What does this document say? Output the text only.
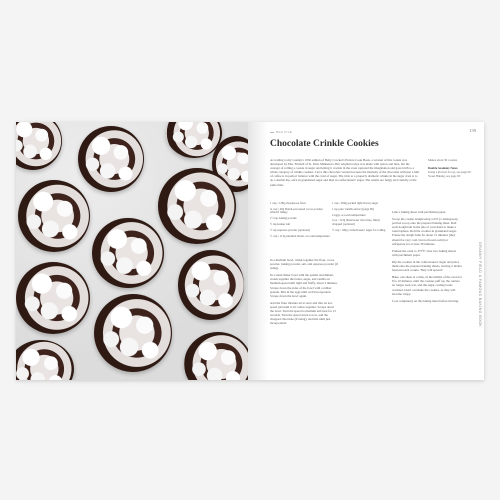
BAR FIVE	139
Chocolate Crinkle Cookies
According to my Granny's 1956 edition of Betty Crocker's Picture Cook Book, a version of this cookie was developed by Mrs. Frisbell of St. Paul, Minnesota. Her original recipe was made with spices and nuts, but the concept of rolling a cookie in sugar and letting it crackle in the oven captured the imagination and gave birth to a whole category of crinkle cookies. I love this chocolate version because the intensity of the chocolate with just a hint of coffee is in perfect balance with the crust of sugar. The trick to a properly dramatic crinkle in the sugar crust is to do a double dip, once in granulated sugar and then in confectioners' sugar. The results are fudgy and crunchy at the same time.
Makes about 36 cookies
Double Academy Notes
Using a Portion Scoop, see page 00 · Sweet Baking, see page 00
1 cup / 128g all-purpose flour
¼ cup / 40g Dutch-processed cocoa powder, sifted if lumpy
1½ tsp baking powder
½ tsp kosher salt
½ tsp espresso powder (optional)
½ cup / 113g unsalted butter, at room temperature

In a medium bowl, whisk together the flour, cocoa powder, baking powder, salt, and espresso powder (if using).

In a stand mixer bowl with the paddle attachment, cream together the butter, sugar, and vanilla on medium speed until light and fluffy, about 3 minutes. Scrape down the sides of the bowl with a rubber spatula. Mix in the eggs until well incorporated. Scrape down the bowl again.

Add the flour mixture all at once and mix on low speed just until it all comes together. Scrape down the bowl. Turn the speed to medium and beat for 15 seconds. Turn the speed down to low, add the chopped chocolate (if using), and mix until just incorporated.

Line a baking sheet with parchment paper.

Scoop the cookie dough using a #70 (1-tablespoon) portion scoop onto the prepared baking sheet. Roll each dough ball in the pile of your hand to make a round sphere. Roll the cookies in granulated sugar. Freeze the dough balls for about 15 minutes (they should be very cold, but not frozen solid) or refrigerate for at least 30 minutes.

Preheat the oven to 375°F. Line two baking sheets with parchment paper.

Dip the cookies in the confectioners' sugar and place them onto the prepared baking sheets, leaving 2 inches between each cookie. They will spread!

Bake, one sheet at a time, in the middle of the oven for 8 to 10 minutes, until the cookies puff up, the centers no longer look wet, and the sugar coating looks crackled. Don't overbake the cookies, as they will become crispy.

Cool completely on the baking sheet before moving.

1 cup / 200g packed light brown sugar
1 tsp pure vanilla extract (page 00)
2 eggs, at room temperature
4 oz / 113g bittersweet chocolate, finely chopped (optional)
½ cup / 100g confectioners' sugar for rolling
GRANNY FIELD & FAMOUS BAKING BOOK
